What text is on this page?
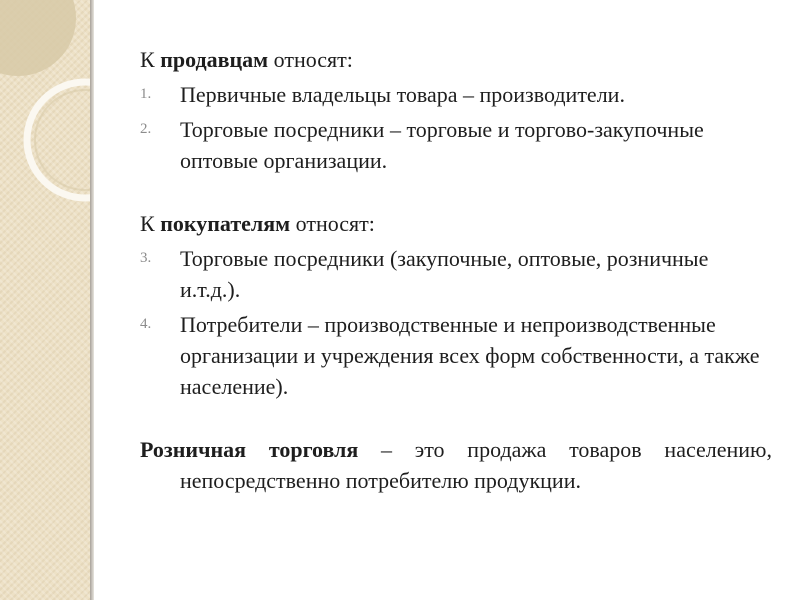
К продавцам относят:

1. Первичные владельцы товара – производители.
2. Торговые посредники – торговые и торгово-закупочные оптовые организации.

К покупателям относят:

3. Торговые посредники (закупочные, оптовые, розничные и.т.д.).
4. Потребители – производственные и непроизводственные организации и учреждения всех форм собственности, а также население).

Розничная торговля – это продажа товаров населению, непосредственно потребителю продукции.
